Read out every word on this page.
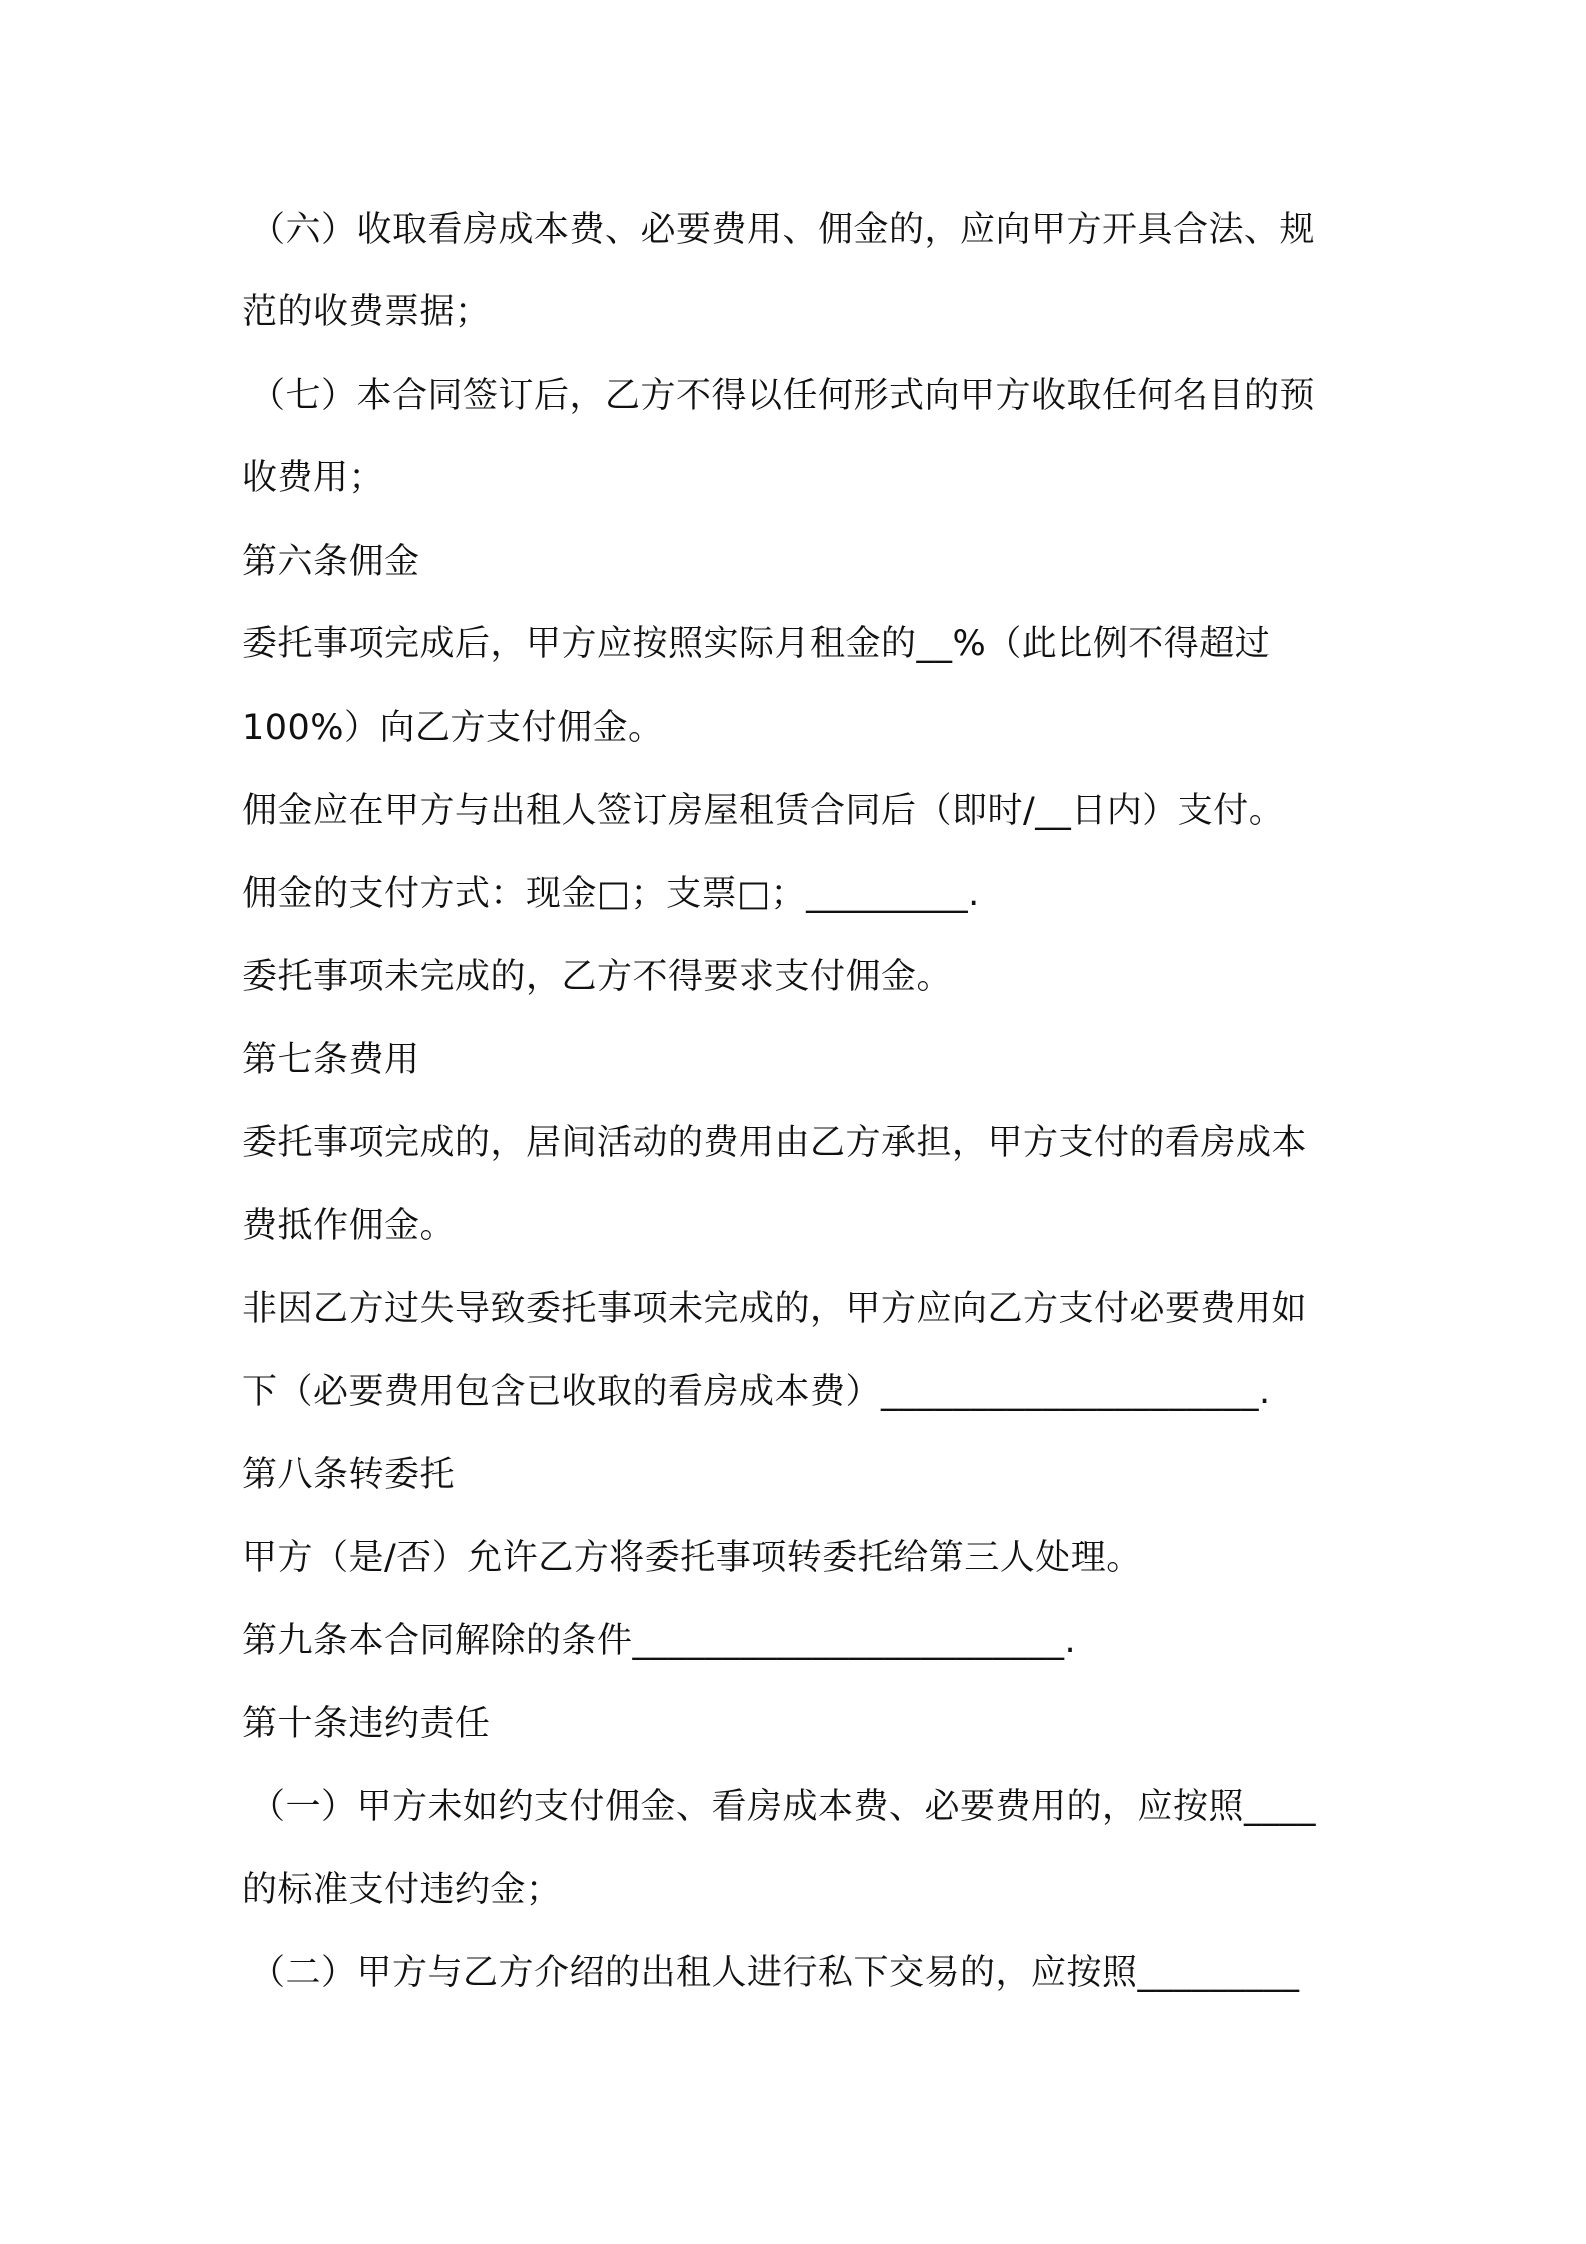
（六）收取看房成本费、必要费用、佣金的，应向甲方开具合法、规
范的收费票据；
（七）本合同签订后，乙方不得以任何形式向甲方收取任何名目的预
收费用；
第六条佣金
委托事项完成后，甲方应按照实际月租金的__%（此比例不得超过
100%）向乙方支付佣金。
佣金应在甲方与出租人签订房屋租赁合同后（即时/__日内）支付。
佣金的支付方式：现金□；支票□；_________.
委托事项未完成的，乙方不得要求支付佣金。
第七条费用
委托事项完成的，居间活动的费用由乙方承担，甲方支付的看房成本
费抵作佣金。
非因乙方过失导致委托事项未完成的，甲方应向乙方支付必要费用如
下（必要费用包含已收取的看房成本费）_____________________.
第八条转委托
甲方（是/否）允许乙方将委托事项转委托给第三人处理。
第九条本合同解除的条件________________________.
第十条违约责任
（一）甲方未如约支付佣金、看房成本费、必要费用的，应按照____
的标准支付违约金；
（二）甲方与乙方介绍的出租人进行私下交易的，应按照_________
